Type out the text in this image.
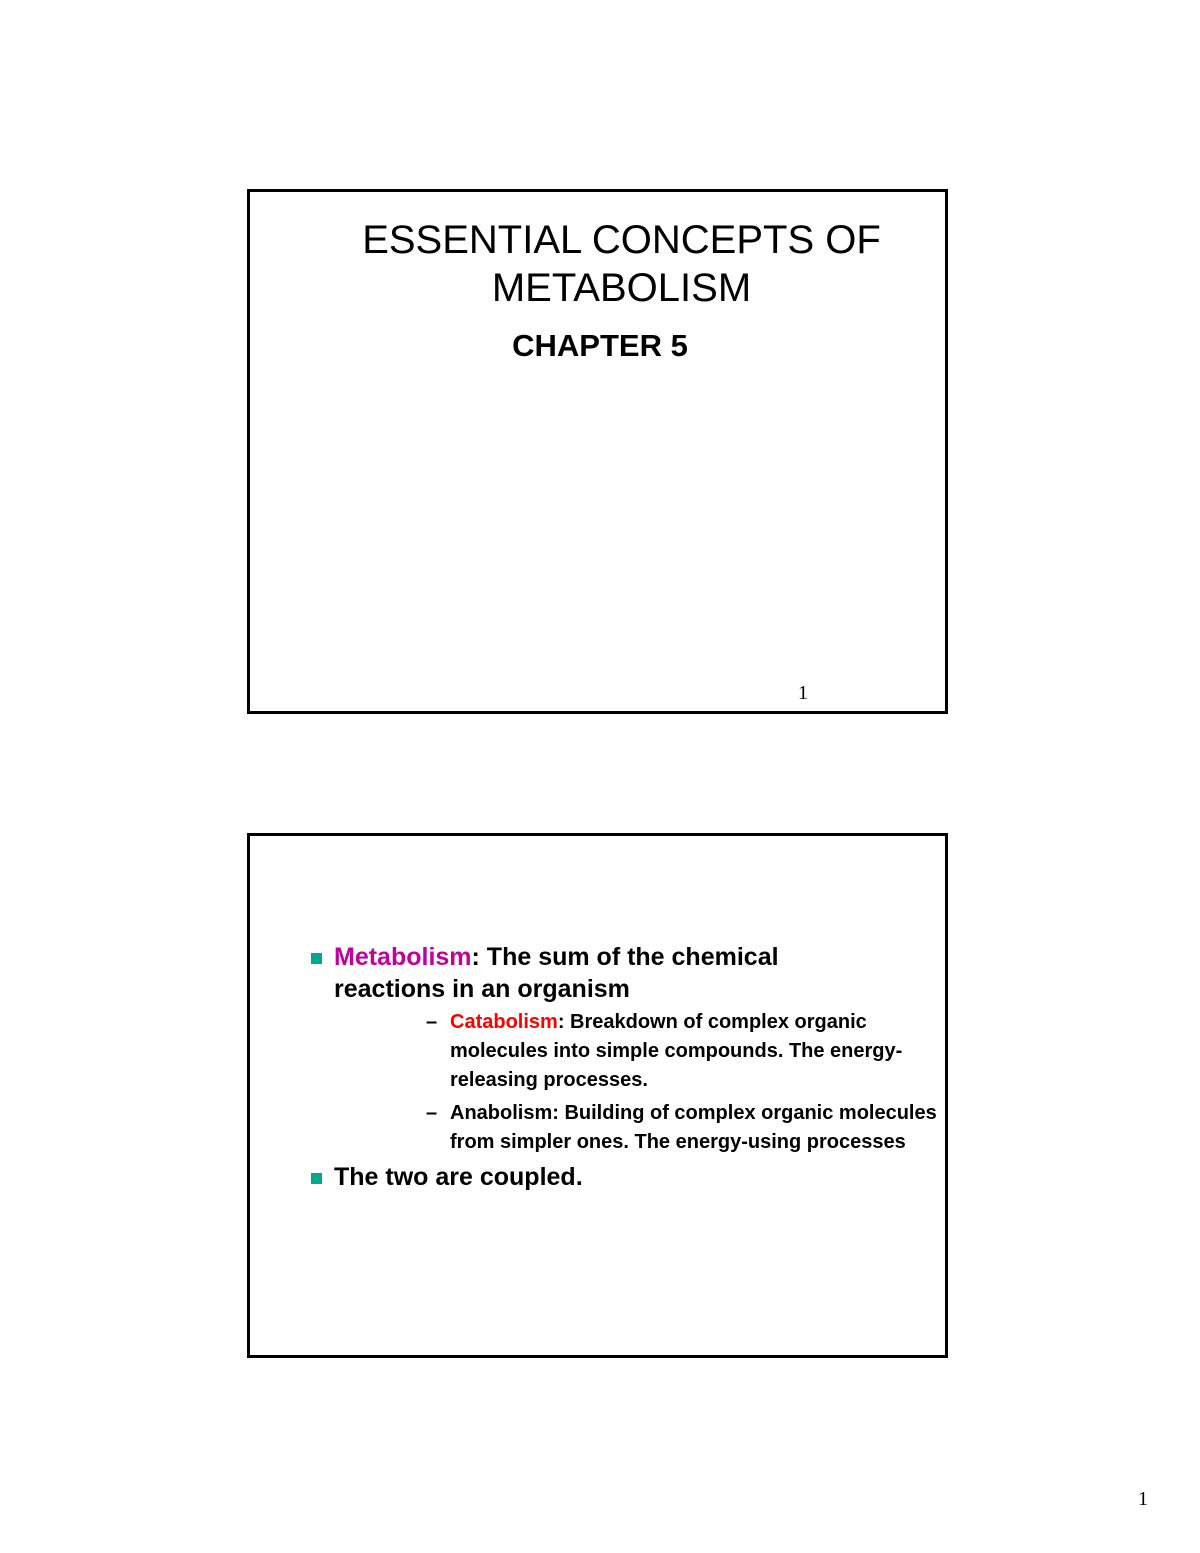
ESSENTIAL CONCEPTS OF
METABOLISM
CHAPTER 5
1
Metabolism: The sum of the chemical reactions in an organism
– Catabolism: Breakdown of complex organic molecules into simple compounds. The energy-releasing processes.
– Anabolism: Building of complex organic molecules from simpler ones. The energy-using processes
The two are coupled.
1
